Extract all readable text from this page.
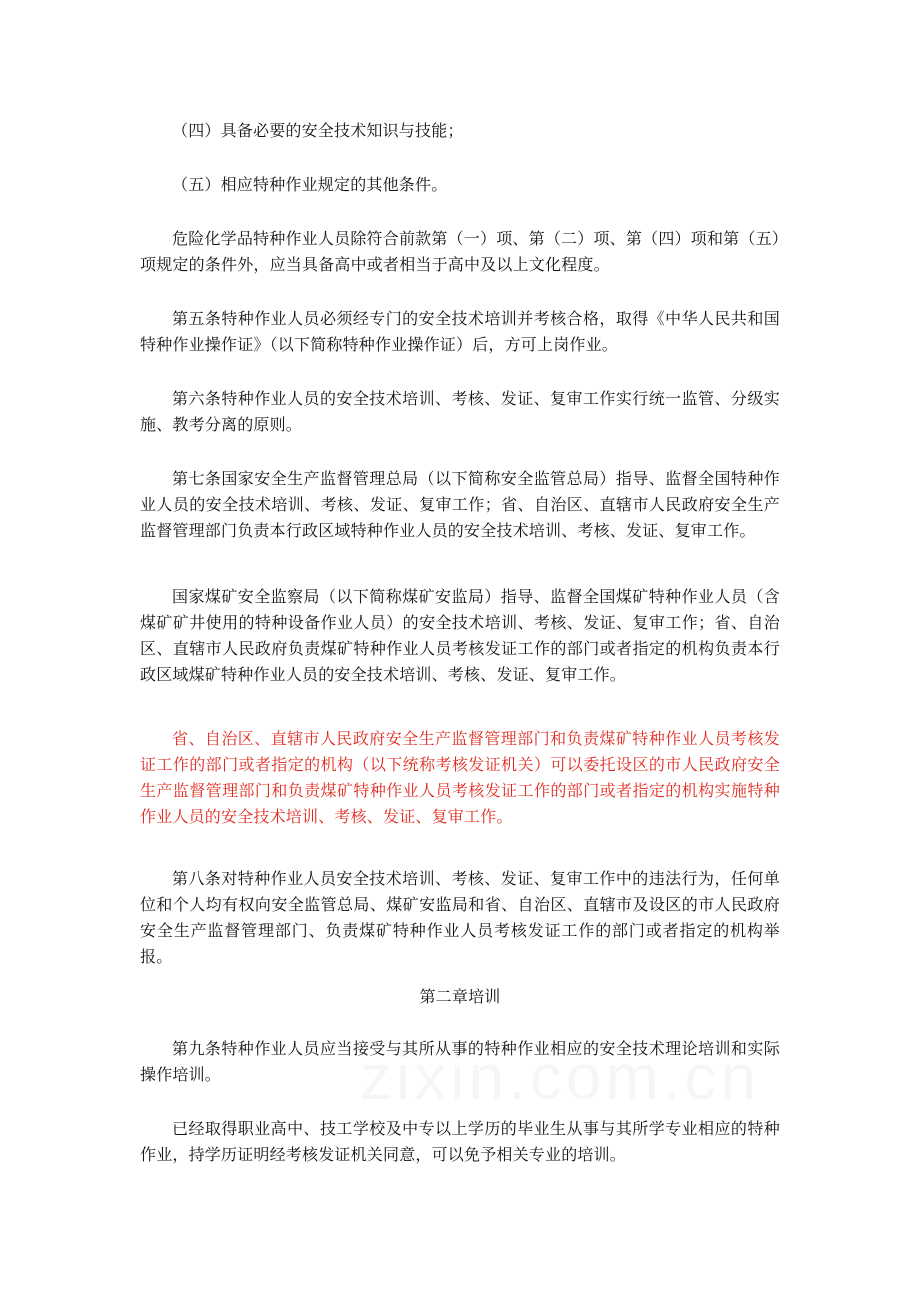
（四）具备必要的安全技术知识与技能；

（五）相应特种作业规定的其他条件。

危险化学品特种作业人员除符合前款第（一）项、第（二）项、第（四）项和第（五）项规定的条件外，应当具备高中或者相当于高中及以上文化程度。

第五条特种作业人员必须经专门的安全技术培训并考核合格，取得《中华人民共和国特种作业操作证》（以下简称特种作业操作证）后，方可上岗作业。

第六条特种作业人员的安全技术培训、考核、发证、复审工作实行统一监管、分级实施、教考分离的原则。

第七条国家安全生产监督管理总局（以下简称安全监管总局）指导、监督全国特种作业人员的安全技术培训、考核、发证、复审工作；省、自治区、直辖市人民政府安全生产监督管理部门负责本行政区域特种作业人员的安全技术培训、考核、发证、复审工作。

国家煤矿安全监察局（以下简称煤矿安监局）指导、监督全国煤矿特种作业人员（含煤矿矿井使用的特种设备作业人员）的安全技术培训、考核、发证、复审工作；省、自治区、直辖市人民政府负责煤矿特种作业人员考核发证工作的部门或者指定的机构负责本行政区域煤矿特种作业人员的安全技术培训、考核、发证、复审工作。

省、自治区、直辖市人民政府安全生产监督管理部门和负责煤矿特种作业人员考核发证工作的部门或者指定的机构（以下统称考核发证机关）可以委托设区的市人民政府安全生产监督管理部门和负责煤矿特种作业人员考核发证工作的部门或者指定的机构实施特种作业人员的安全技术培训、考核、发证、复审工作。

第八条对特种作业人员安全技术培训、考核、发证、复审工作中的违法行为，任何单位和个人均有权向安全监管总局、煤矿安监局和省、自治区、直辖市及设区的市人民政府安全生产监督管理部门、负责煤矿特种作业人员考核发证工作的部门或者指定的机构举报。

第二章培训

第九条特种作业人员应当接受与其所从事的特种作业相应的安全技术理论培训和实际操作培训。

已经取得职业高中、技工学校及中专以上学历的毕业生从事与其所学专业相应的特种作业，持学历证明经考核发证机关同意，可以免予相关专业的培训。
